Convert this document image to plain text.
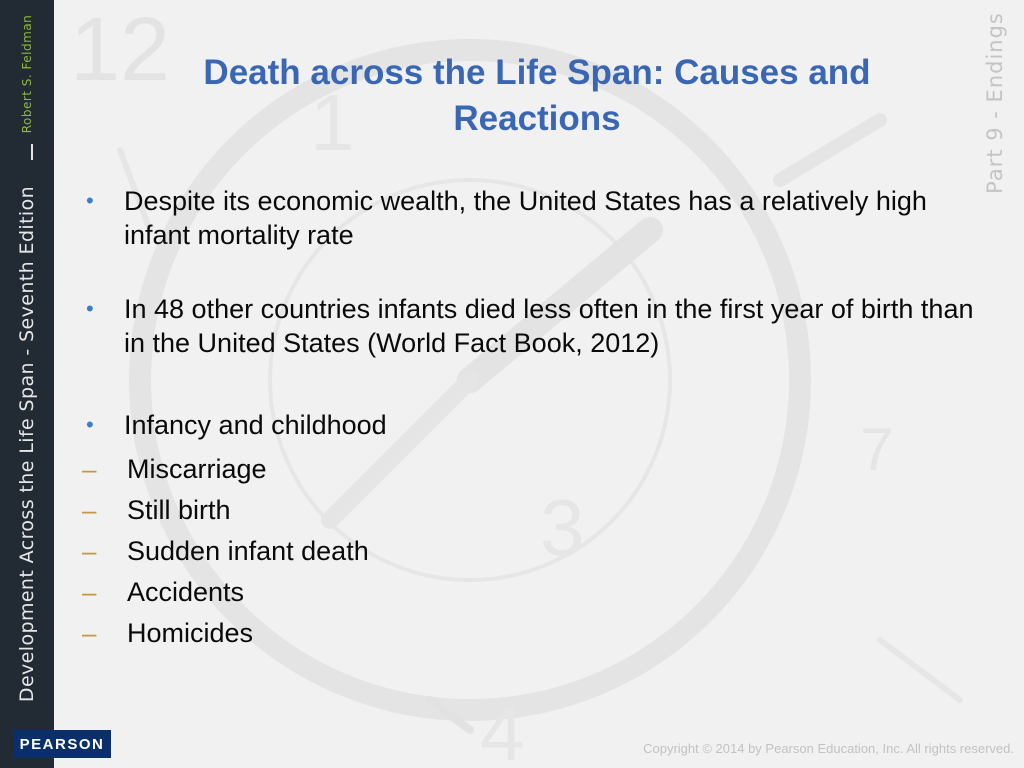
12
1
3
4
7
Robert S. Feldman
Development Across the Life Span - Seventh Edition
PEARSON
Part 9 - Endings
Death across the Life Span: Causes and Reactions
• Despite its economic wealth, the United States has a relatively high infant mortality rate
• In 48 other countries infants died less often in the first year of birth than in the United States (World Fact Book, 2012)
• Infancy and childhood
– Miscarriage
– Still birth
– Sudden infant death
– Accidents
– Homicides
Copyright © 2014 by Pearson Education, Inc. All rights reserved.
